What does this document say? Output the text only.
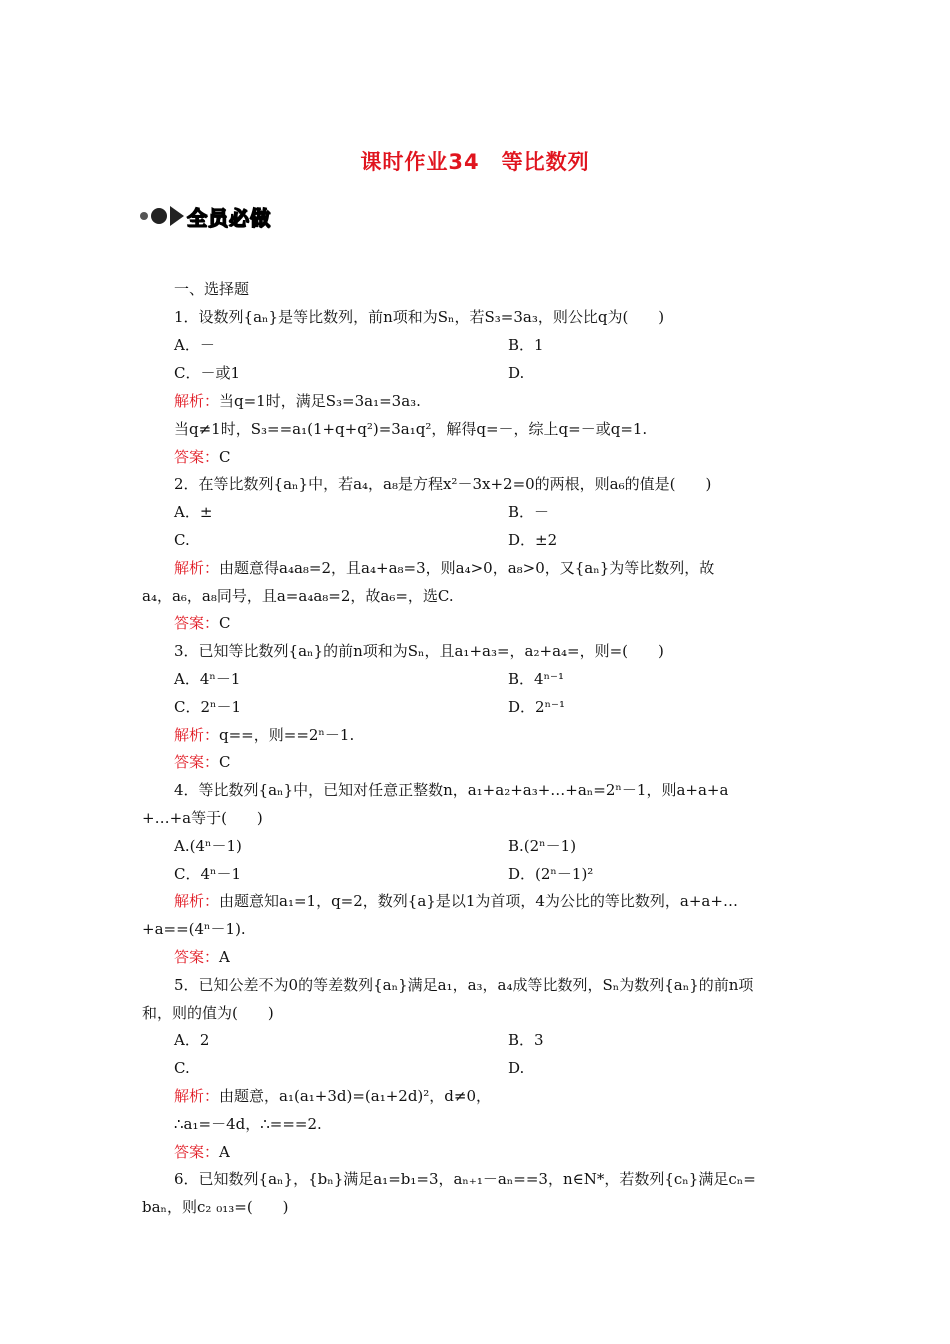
课时作业34　等比数列
全员必做
一、选择题
1．设数列{aₙ}是等比数列，前n项和为Sₙ，若S₃=3a₃，则公比q为(　　)
A．－	B．1
C．－或1	D.
解析：当q=1时，满足S₃=3a₁=3a₃.
当q≠1时，S₃==a₁(1+q+q²)=3a₁q²，解得q=－，综上q=－或q=1.
答案：C
2．在等比数列{aₙ}中，若a₄，a₈是方程x²－3x+2=0的两根，则a₆的值是(　　)
A．±	B．－
C.	D．±2
解析：由题意得a₄a₈=2，且a₄+a₈=3，则a₄>0，a₈>0，又{aₙ}为等比数列，故
a₄，a₆，a₈同号，且a=a₄a₈=2，故a₆=，选C.
答案：C
3．已知等比数列{aₙ}的前n项和为Sₙ，且a₁+a₃=，a₂+a₄=，则=(　　)
A．4ⁿ－1	B．4ⁿ⁻¹
C．2ⁿ－1	D．2ⁿ⁻¹
解析：q==，则==2ⁿ－1.
答案：C
4．等比数列{aₙ}中，已知对任意正整数n，a₁+a₂+a₃+…+aₙ=2ⁿ－1，则a+a+a
+…+a等于(　　)
A.(4ⁿ－1)	B.(2ⁿ－1)
C．4ⁿ－1	D．(2ⁿ－1)²
解析：由题意知a₁=1，q=2，数列{a}是以1为首项，4为公比的等比数列，a+a+…
+a==(4ⁿ－1).
答案：A
5．已知公差不为0的等差数列{aₙ}满足a₁，a₃，a₄成等比数列，Sₙ为数列{aₙ}的前n项
和，则的值为(　　)
A．2	B．3
C.	D.
解析：由题意，a₁(a₁+3d)=(a₁+2d)²，d≠0，
∴a₁=－4d，∴===2.
答案：A
6．已知数列{aₙ}，{bₙ}满足a₁=b₁=3，aₙ₊₁－aₙ==3，n∈N*，若数列{cₙ}满足cₙ=
baₙ，则c₂ ₀₁₃=(　　)
